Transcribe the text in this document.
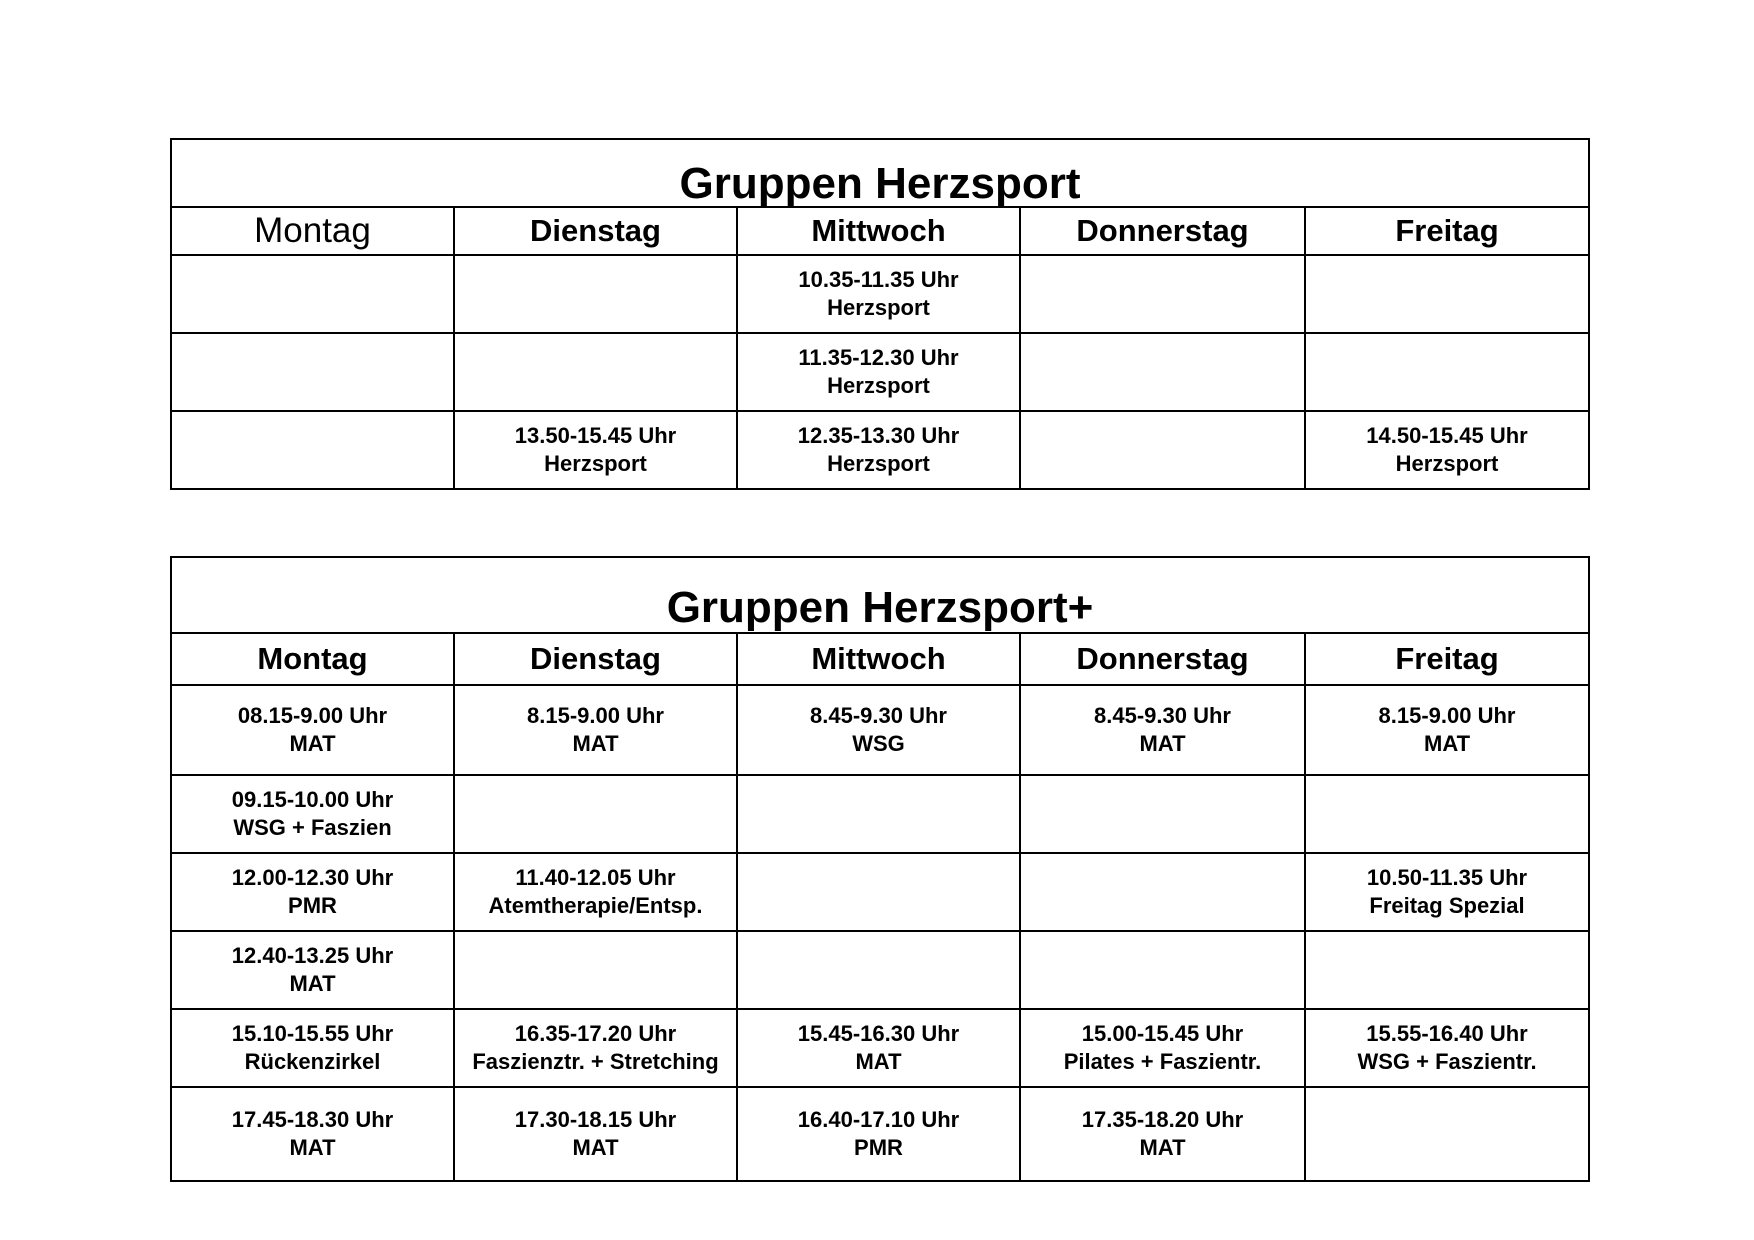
Gruppen Herzsport				
Montag	Dienstag	Mittwoch	Donnerstag	Freitag

		10.35-11.35 Uhr
Herzsport		

		11.35-12.30 Uhr
Herzsport		

	13.50-15.45 Uhr
Herzsport	12.35-13.30 Uhr
Herzsport		14.50-15.45 Uhr
Herzsport
Gruppen Herzsport+				
Montag	Dienstag	Mittwoch	Donnerstag	Freitag

08.15-9.00 Uhr
MAT	8.15-9.00 Uhr
MAT	8.45-9.30 Uhr
WSG	8.45-9.30 Uhr
MAT	8.15-9.00 Uhr
MAT

09.15-10.00 Uhr
WSG + Faszien				

12.00-12.30 Uhr
PMR	11.40-12.05 Uhr
Atemtherapie/Entsp.			10.50-11.35 Uhr
Freitag Spezial

12.40-13.25 Uhr
MAT				

15.10-15.55 Uhr
Rückenzirkel	16.35-17.20 Uhr
Faszienztr. + Stretching	15.45-16.30 Uhr
MAT	15.00-15.45 Uhr
Pilates + Faszientr.	15.55-16.40 Uhr
WSG + Faszientr.

17.45-18.30 Uhr
MAT	17.30-18.15 Uhr
MAT	16.40-17.10 Uhr
PMR	17.35-18.20 Uhr
MAT	
